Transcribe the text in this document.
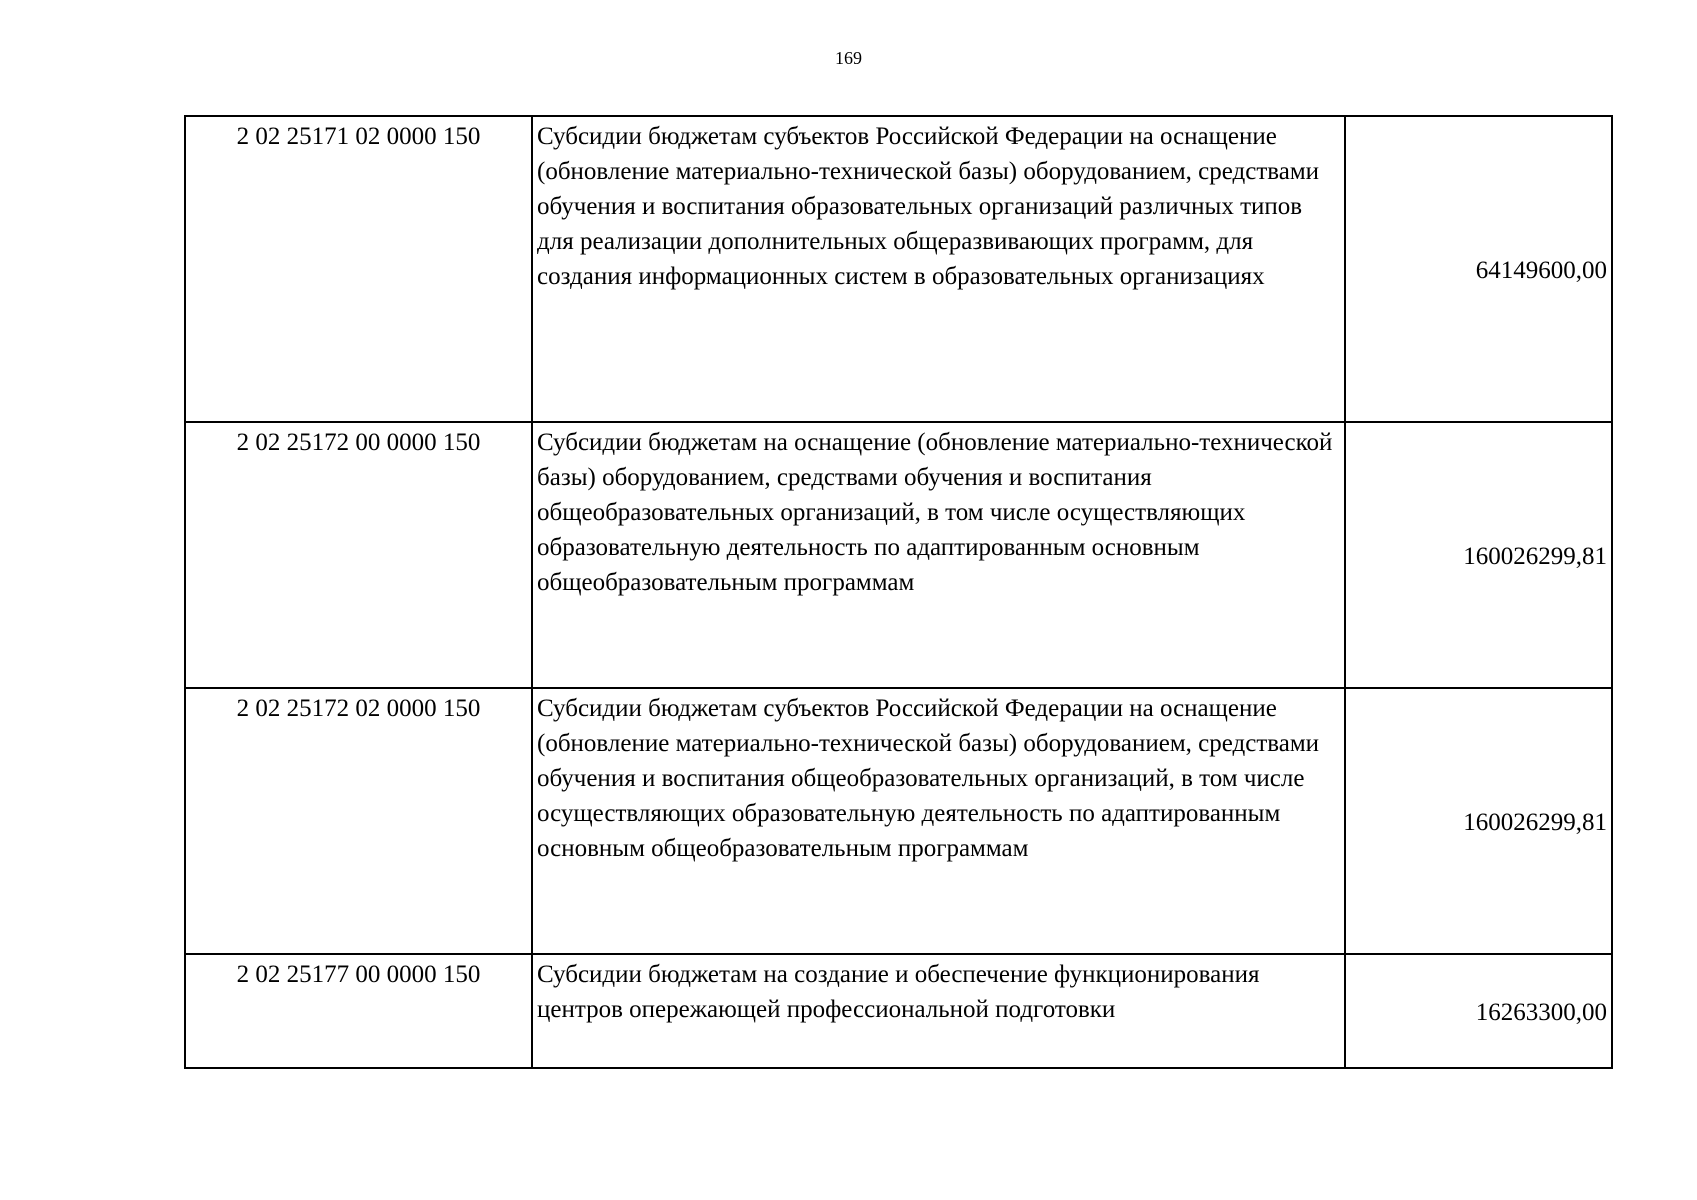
169
2 02 25171 02 0000 150	Субсидии бюджетам субъектов Российской Федерации на оснащение (обновление материально-технической базы) оборудованием, средствами обучения и воспитания образовательных организаций различных типов для реализации дополнительных общеразвивающих программ, для создания информационных систем в образовательных организациях	64149600,00
2 02 25172 00 0000 150	Субсидии бюджетам на оснащение (обновление материально-технической базы) оборудованием, средствами обучения и воспитания общеобразовательных организаций, в том числе осуществляющих образовательную деятельность по адаптированным основным общеобразовательным программам	160026299,81
2 02 25172 02 0000 150	Субсидии бюджетам субъектов Российской Федерации на оснащение (обновление материально-технической базы) оборудованием, средствами обучения и воспитания общеобразовательных организаций, в том числе осуществляющих образовательную деятельность по адаптированным основным общеобразовательным программам	160026299,81
2 02 25177 00 0000 150	Субсидии бюджетам на создание и обеспечение функционирования центров опережающей профессиональной подготовки	16263300,00
